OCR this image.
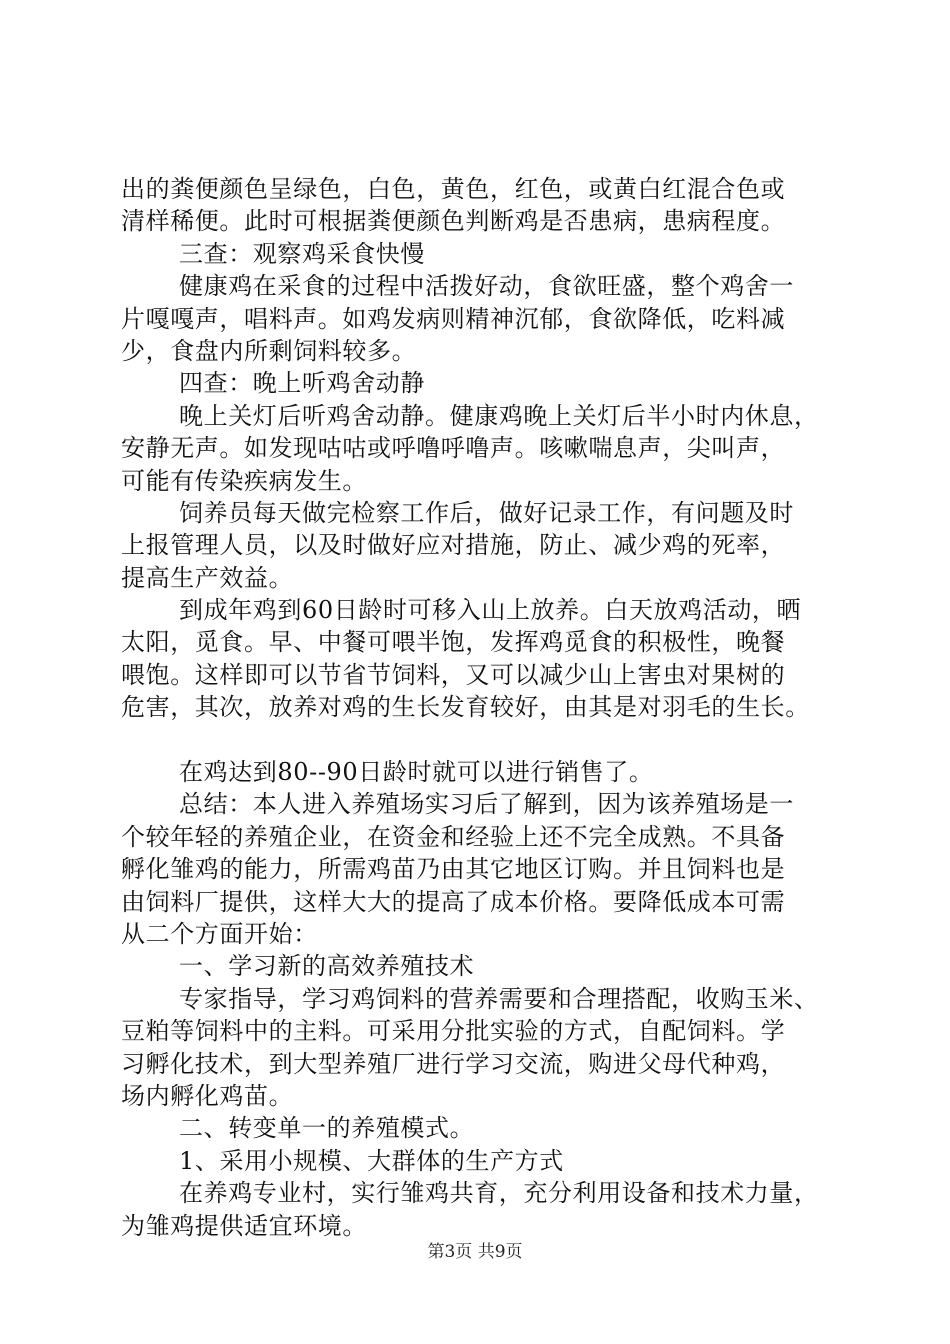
出的粪便颜色呈绿色，白色，黄色，红色，或黄白红混合色或
清样稀便。此时可根据粪便颜色判断鸡是否患病，患病程度。
三查：观察鸡采食快慢
健康鸡在采食的过程中活拨好动，食欲旺盛，整个鸡舍一
片嘎嘎声，唱料声。如鸡发病则精神沉郁，食欲降低，吃料减
少，食盘内所剩饲料较多。
四查：晚上听鸡舍动静
晚上关灯后听鸡舍动静。健康鸡晚上关灯后半小时内休息，
安静无声。如发现咕咕或呼噜呼噜声。咳嗽喘息声，尖叫声，
可能有传染疾病发生。
饲养员每天做完检察工作后，做好记录工作，有问题及时
上报管理人员，以及时做好应对措施，防止、减少鸡的死率，
提高生产效益。
到成年鸡到60日龄时可移入山上放养。白天放鸡活动，晒
太阳，觅食。早、中餐可喂半饱，发挥鸡觅食的积极性，晚餐
喂饱。这样即可以节省节饲料，又可以减少山上害虫对果树的
危害，其次，放养对鸡的生长发育较好，由其是对羽毛的生长。
在鸡达到80--90日龄时就可以进行销售了。
总结：本人进入养殖场实习后了解到，因为该养殖场是一
个较年轻的养殖企业，在资金和经验上还不完全成熟。不具备
孵化雏鸡的能力，所需鸡苗乃由其它地区订购。并且饲料也是
由饲料厂提供，这样大大的提高了成本价格。要降低成本可需
从二个方面开始：
一、学习新的高效养殖技术
专家指导，学习鸡饲料的营养需要和合理搭配，收购玉米、
豆粕等饲料中的主料。可采用分批实验的方式，自配饲料。学
习孵化技术，到大型养殖厂进行学习交流，购进父母代种鸡，
场内孵化鸡苗。
二、转变单一的养殖模式。
1、采用小规模、大群体的生产方式
在养鸡专业村，实行雏鸡共育，充分利用设备和技术力量，
为雏鸡提供适宜环境。
第3页 共9页
